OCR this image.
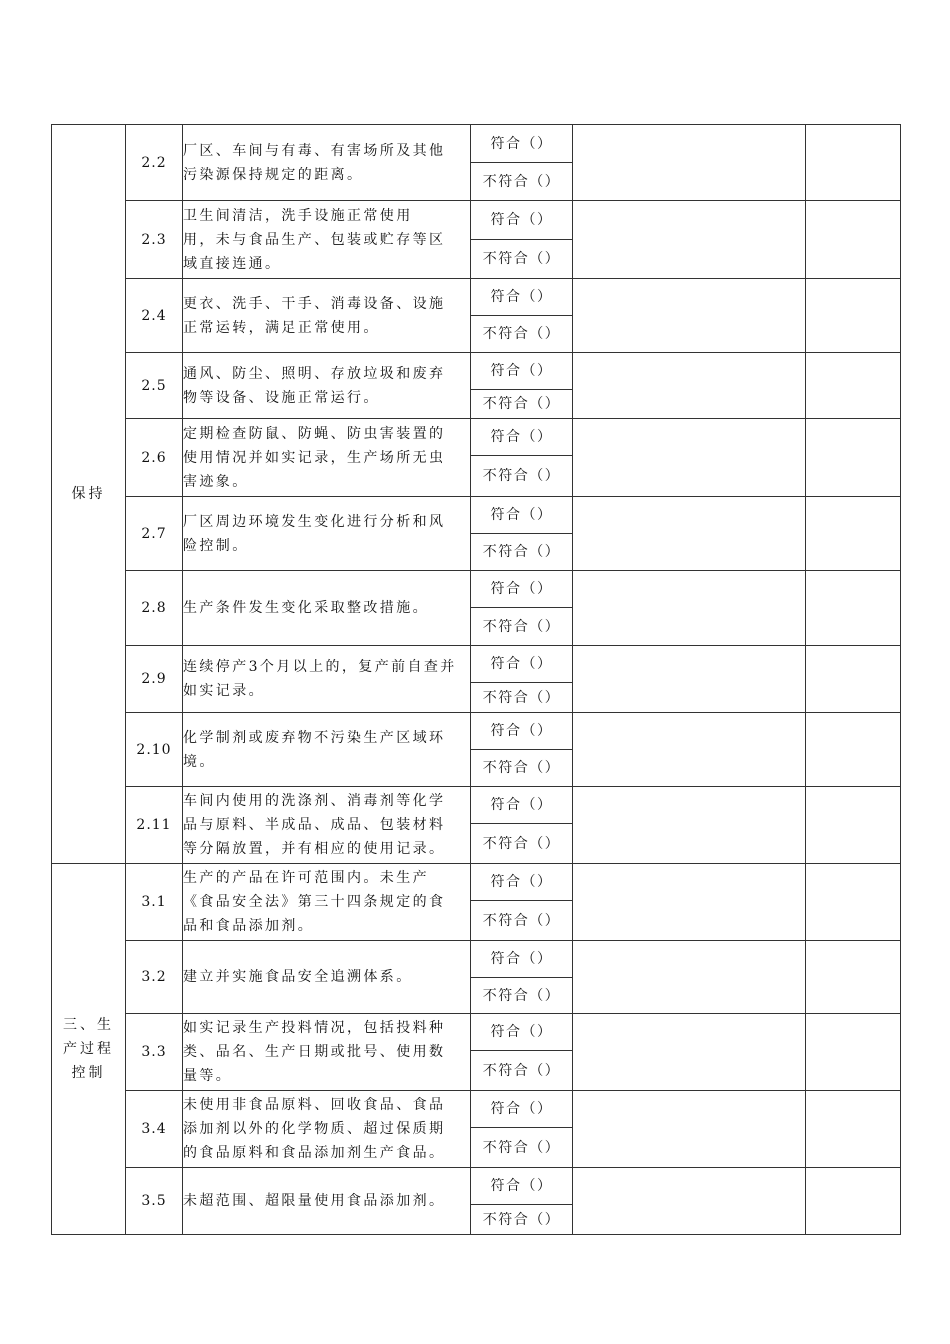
保持	2.2	厂区、车间与有毒、有害场所及其他
污染源保持规定的距离。	符合（）		
			不符合（）		
	2.3	卫生间清洁，洗手设施正常使用
用，未与食品生产、包装或贮存等区
域直接连通。	符合（）		
			不符合（）		
	2.4	更衣、洗手、干手、消毒设备、设施
正常运转，满足正常使用。	符合（）		
			不符合（）		
	2.5	通风、防尘、照明、存放垃圾和废弃
物等设备、设施正常运行。	符合（）		
			不符合（）		
	2.6	定期检查防鼠、防蝇、防虫害装置的
使用情况并如实记录，生产场所无虫
害迹象。	符合（）		
			不符合（）		
	2.7	厂区周边环境发生变化进行分析和风
险控制。	符合（）		
			不符合（）		
	2.8	生产条件发生变化采取整改措施。	符合（）		
			不符合（）		
	2.9	连续停产3个月以上的，复产前自查并
如实记录。	符合（）		
			不符合（）		
	2.10	化学制剂或废弃物不污染生产区域环
境。	符合（）		
			不符合（）		
	2.11	车间内使用的洗涤剂、消毒剂等化学
品与原料、半成品、成品、包装材料
等分隔放置，并有相应的使用记录。	符合（）		
			不符合（）		

三、生
产过程
控制	3.1	生产的产品在许可范围内。未生产
《食品安全法》第三十四条规定的食
品和食品添加剂。	符合（）		
			不符合（）		
	3.2	建立并实施食品安全追溯体系。	符合（）		
			不符合（）		
	3.3	如实记录生产投料情况，包括投料种
类、品名、生产日期或批号、使用数
量等。	符合（）		
			不符合（）		
	3.4	未使用非食品原料、回收食品、食品
添加剂以外的化学物质、超过保质期
的食品原料和食品添加剂生产食品。	符合（）		
			不符合（）		
	3.5	未超范围、超限量使用食品添加剂。	符合（）		
			不符合（）		
